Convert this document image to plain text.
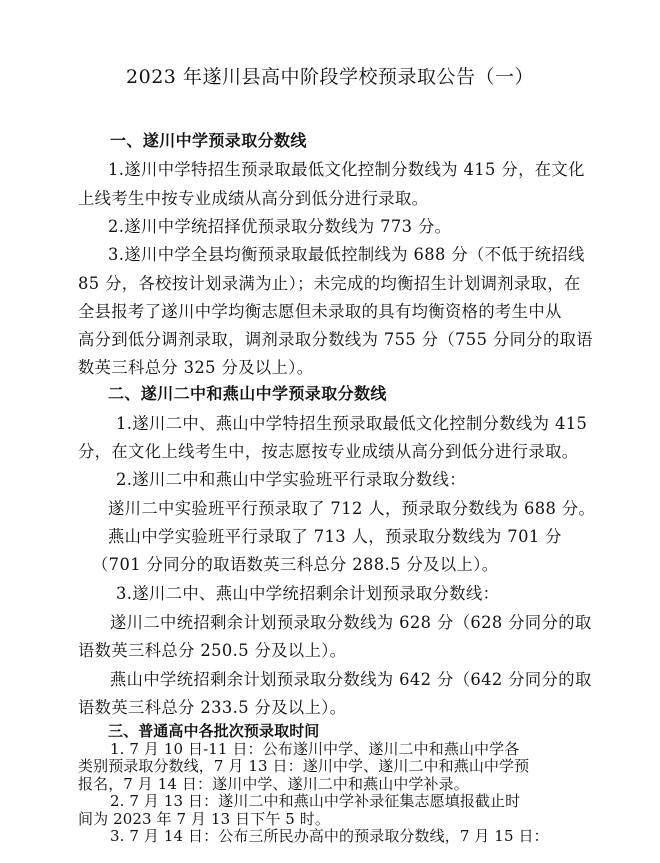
2023 年遂川县高中阶段学校预录取公告（一）
一、遂川中学预录取分数线
1.遂川中学特招生预录取最低文化控制分数线为 415 分，在文化
上线考生中按专业成绩从高分到低分进行录取。
2.遂川中学统招择优预录取分数线为 773 分。
3.遂川中学全县均衡预录取最低控制线为 688 分（不低于统招线
85 分，各校按计划录满为止）；未完成的均衡招生计划调剂录取，在
全县报考了遂川中学均衡志愿但未录取的具有均衡资格的考生中从
高分到低分调剂录取，调剂录取分数线为 755 分（755 分同分的取语
数英三科总分 325 分及以上）。
二、遂川二中和燕山中学预录取分数线
1.遂川二中、燕山中学特招生预录取最低文化控制分数线为 415
分，在文化上线考生中，按志愿按专业成绩从高分到低分进行录取。
2.遂川二中和燕山中学实验班平行录取分数线：
遂川二中实验班平行预录取了 712 人，预录取分数线为 688 分。
燕山中学实验班平行录取了 713 人，预录取分数线为 701 分
（701 分同分的取语数英三科总分 288.5 分及以上）。
3.遂川二中、燕山中学统招剩余计划预录取分数线：
遂川二中统招剩余计划预录取分数线为 628 分（628 分同分的取
语数英三科总分 250.5 分及以上）。
燕山中学统招剩余计划预录取分数线为 642 分（642 分同分的取
语数英三科总分 233.5 分及以上）。
三、普通高中各批次预录取时间
1. 7 月 10 日-11 日：公布遂川中学、遂川二中和燕山中学各
类别预录取分数线，7 月 13 日：遂川中学、遂川二中和燕山中学预
报名，7 月 14 日：遂川中学、遂川二中和燕山中学补录。
2. 7 月 13 日：遂川二中和燕山中学补录征集志愿填报截止时
间为 2023 年 7 月 13 日下午 5 时。
3. 7 月 14 日：公布三所民办高中的预录取分数线，7 月 15 日：
